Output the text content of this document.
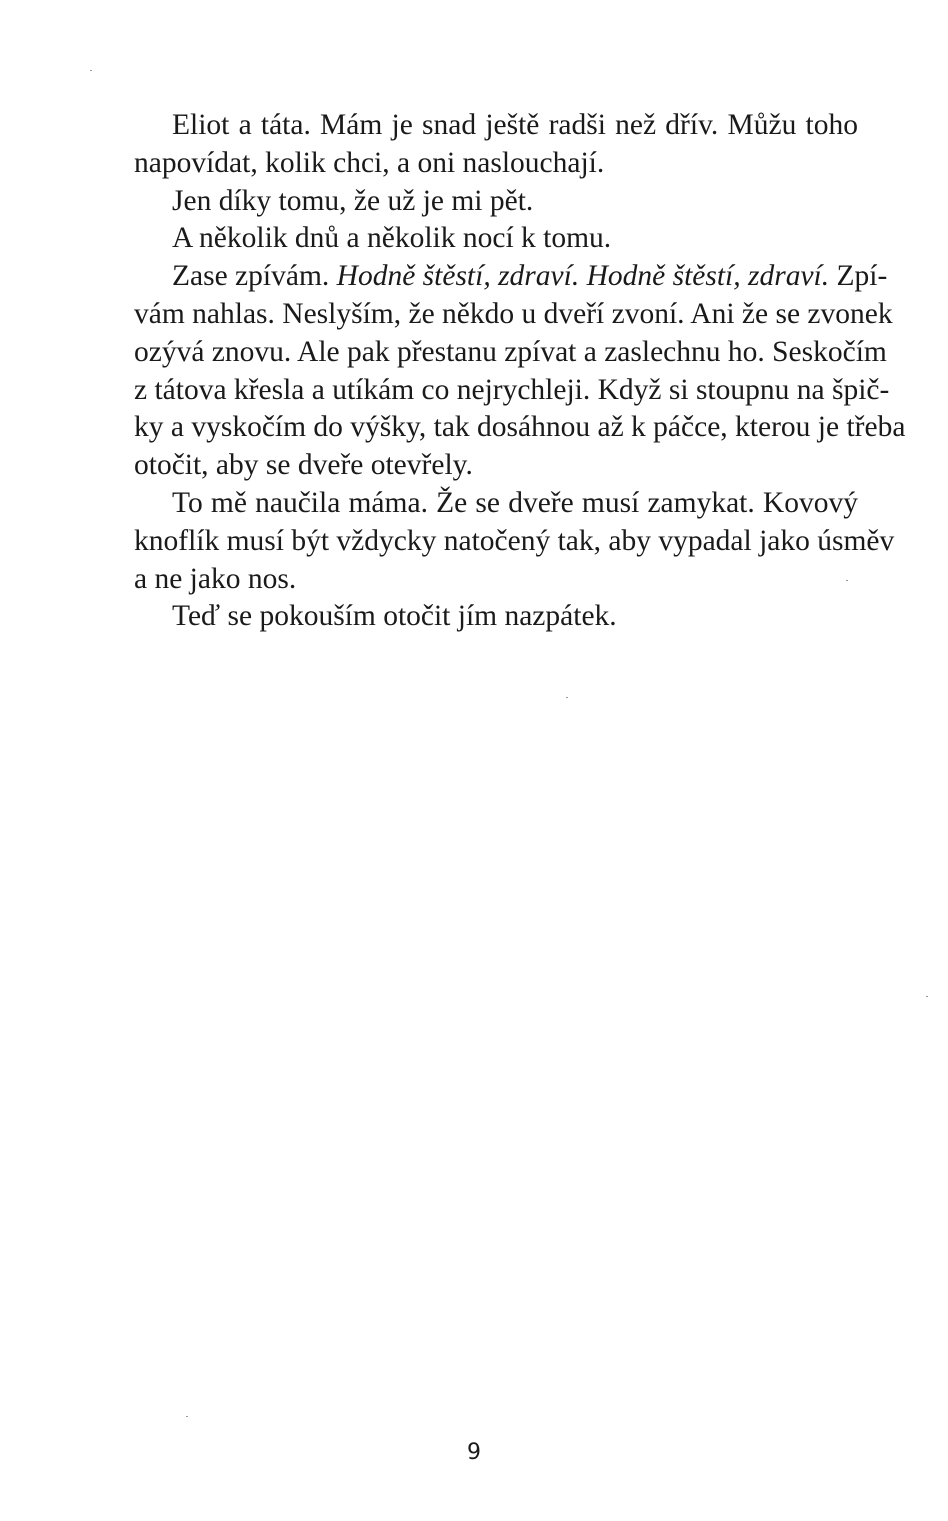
Eliot a táta. Mám je snad ještě radši než dřív. Můžu toho
napovídat, kolik chci, a oni naslouchají.
Jen díky tomu, že už je mi pět.
A několik dnů a několik nocí k tomu.
Zase zpívám. Hodně štěstí, zdraví. Hodně štěstí, zdraví. Zpí-
vám nahlas. Neslyším, že někdo u dveří zvoní. Ani že se zvonek
ozývá znovu. Ale pak přestanu zpívat a zaslechnu ho. Seskočím
z tátova křesla a utíkám co nejrychleji. Když si stoupnu na špič-
ky a vyskočím do výšky, tak dosáhnou až k páčce, kterou je třeba
otočit, aby se dveře otevřely.
To mě naučila máma. Že se dveře musí zamykat. Kovový
knoflík musí být vždycky natočený tak, aby vypadal jako úsměv
a ne jako nos.
Teď se pokouším otočit jím nazpátek.
9
